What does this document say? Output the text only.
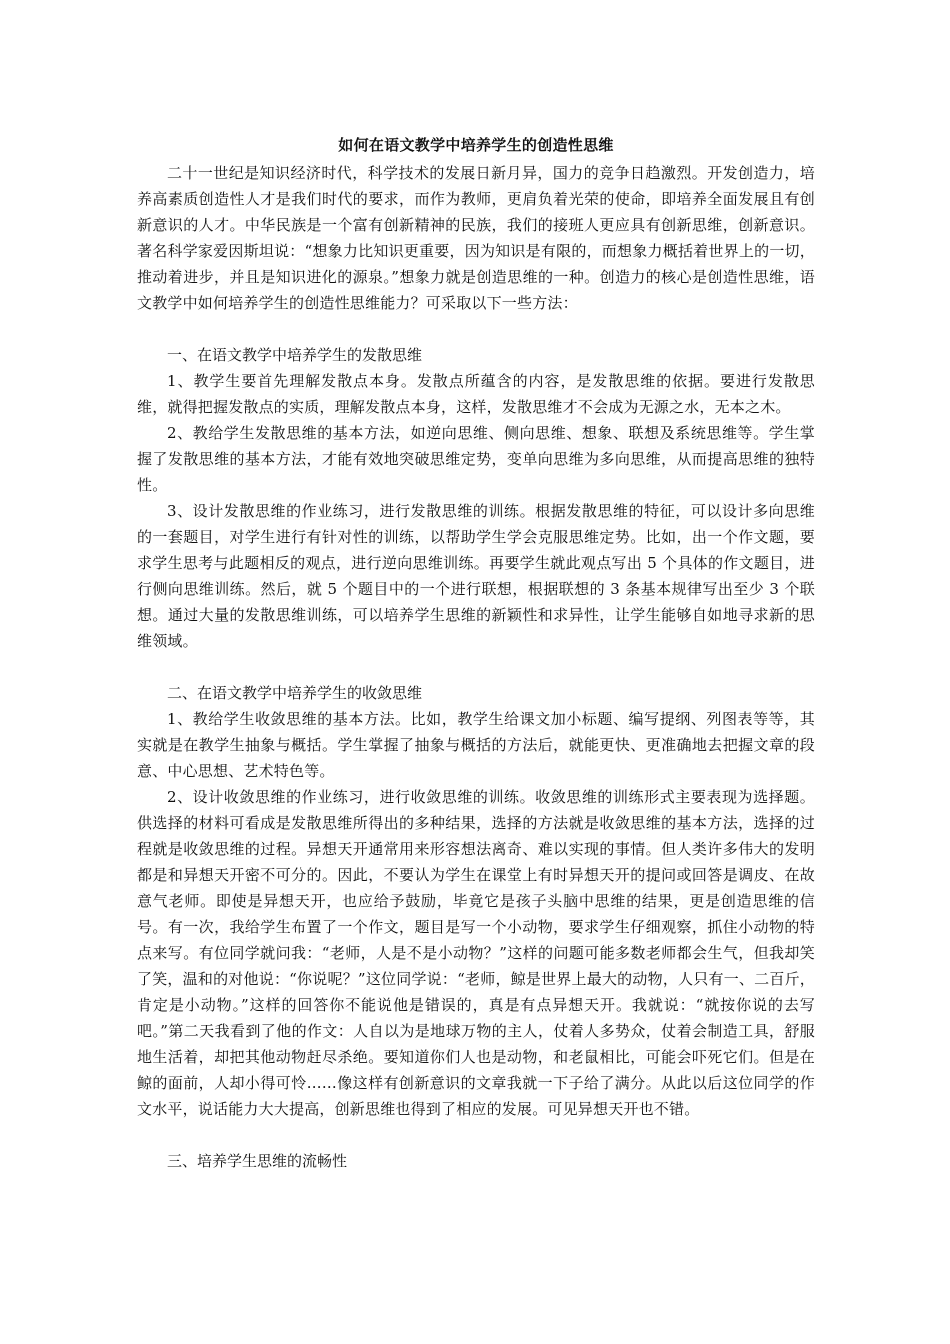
如何在语文教学中培养学生的创造性思维

二十一世纪是知识经济时代，科学技术的发展日新月异，国力的竞争日趋激烈。开发创造力，培养高素质创造性人才是我们时代的要求，而作为教师，更肩负着光荣的使命，即培养全面发展且有创新意识的人才。中华民族是一个富有创新精神的民族，我们的接班人更应具有创新思维，创新意识。著名科学家爱因斯坦说：“想象力比知识更重要，因为知识是有限的，而想象力概括着世界上的一切，推动着进步，并且是知识进化的源泉。”想象力就是创造思维的一种。创造力的核心是创造性思维，语文教学中如何培养学生的创造性思维能力？可采取以下一些方法：

一、在语文教学中培养学生的发散思维

1、教学生要首先理解发散点本身。发散点所蕴含的内容，是发散思维的依据。要进行发散思维，就得把握发散点的实质，理解发散点本身，这样，发散思维才不会成为无源之水，无本之木。

2、教给学生发散思维的基本方法，如逆向思维、侧向思维、想象、联想及系统思维等。学生掌握了发散思维的基本方法，才能有效地突破思维定势，变单向思维为多向思维，从而提高思维的独特性。

3、设计发散思维的作业练习，进行发散思维的训练。根据发散思维的特征，可以设计多向思维的一套题目，对学生进行有针对性的训练，以帮助学生学会克服思维定势。比如，出一个作文题，要求学生思考与此题相反的观点，进行逆向思维训练。再要学生就此观点写出 5 个具体的作文题目，进行侧向思维训练。然后，就 5 个题目中的一个进行联想，根据联想的 3 条基本规律写出至少 3 个联想。通过大量的发散思维训练，可以培养学生思维的新颖性和求异性，让学生能够自如地寻求新的思维领域。

二、在语文教学中培养学生的收敛思维

1、教给学生收敛思维的基本方法。比如，教学生给课文加小标题、编写提纲、列图表等等，其实就是在教学生抽象与概括。学生掌握了抽象与概括的方法后，就能更快、更准确地去把握文章的段意、中心思想、艺术特色等。

2、设计收敛思维的作业练习，进行收敛思维的训练。收敛思维的训练形式主要表现为选择题。供选择的材料可看成是发散思维所得出的多种结果，选择的方法就是收敛思维的基本方法，选择的过程就是收敛思维的过程。异想天开通常用来形容想法离奇、难以实现的事情。但人类许多伟大的发明都是和异想天开密不可分的。因此，不要认为学生在课堂上有时异想天开的提问或回答是调皮、在故意气老师。即使是异想天开，也应给予鼓励，毕竟它是孩子头脑中思维的结果，更是创造思维的信号。有一次，我给学生布置了一个作文，题目是写一个小动物，要求学生仔细观察，抓住小动物的特点来写。有位同学就问我：“老师，人是不是小动物？”这样的问题可能多数老师都会生气，但我却笑了笑，温和的对他说：“你说呢？”这位同学说：“老师，鲸是世界上最大的动物，人只有一、二百斤，肯定是小动物。”这样的回答你不能说他是错误的，真是有点异想天开。我就说：“就按你说的去写吧。”第二天我看到了他的作文：人自以为是地球万物的主人，仗着人多势众，仗着会制造工具，舒服地生活着，却把其他动物赶尽杀绝。要知道你们人也是动物，和老鼠相比，可能会吓死它们。但是在鲸的面前，人却小得可怜……像这样有创新意识的文章我就一下子给了满分。从此以后这位同学的作文水平，说话能力大大提高，创新思维也得到了相应的发展。可见异想天开也不错。

三、培养学生思维的流畅性
